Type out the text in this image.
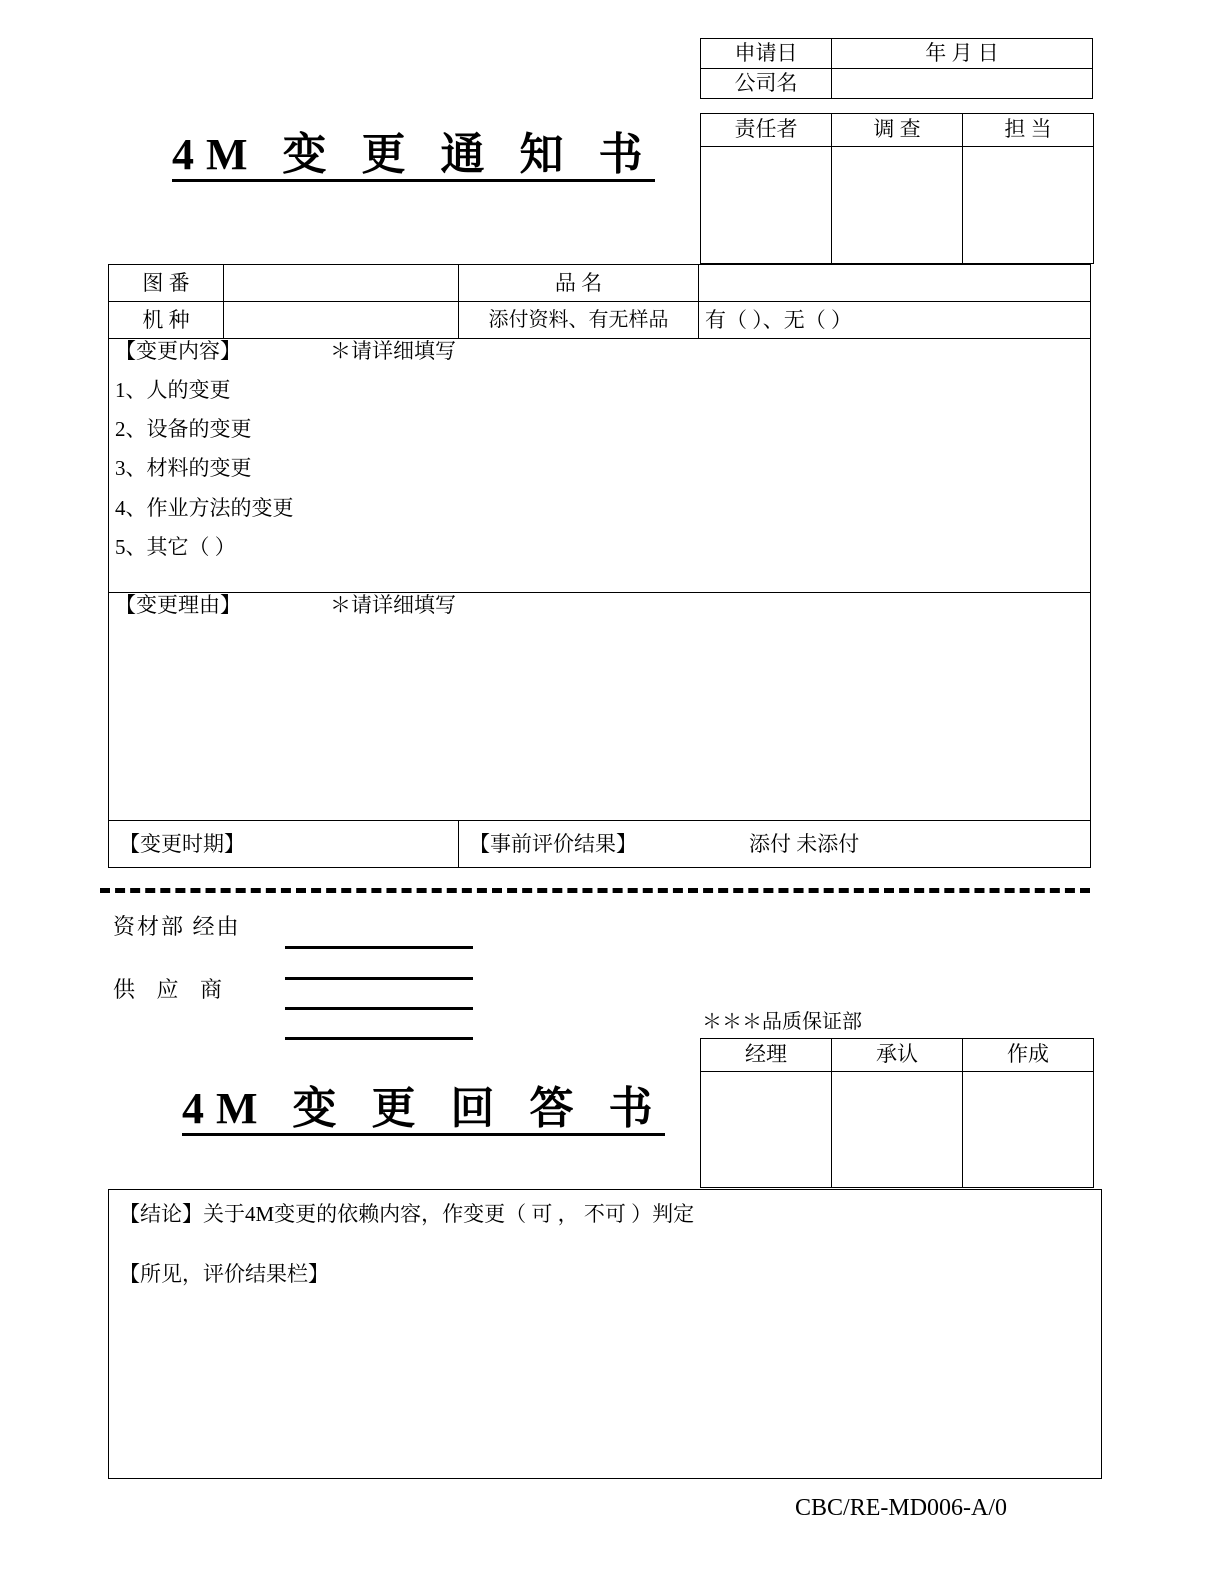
申请日	年 月 日
公司名	
责任者	调 查	担 当

4M 变 更 通 知 书
图 番		品 名	
机 种		添付资料、有无样品	有（ ）、无（ ）

【变更内容】	＊请详细填写
1、人的变更
2、设备的变更
3、材料的变更
4、作业方法的变更
5、其它（ ）

【变更理由】 ＊请详细填写			

【变更时期】		【事前评价结果】 添付 未添付	
资材部 经由
供 应 商
＊＊＊品质保证部
经理	承认	作成

4M 变 更 回 答 书
【结论】关于4M变更的依赖内容，作变更（ 可 ， 不可 ）判定
【所见，评价结果栏】
CBC/RE-MD006-A/0
